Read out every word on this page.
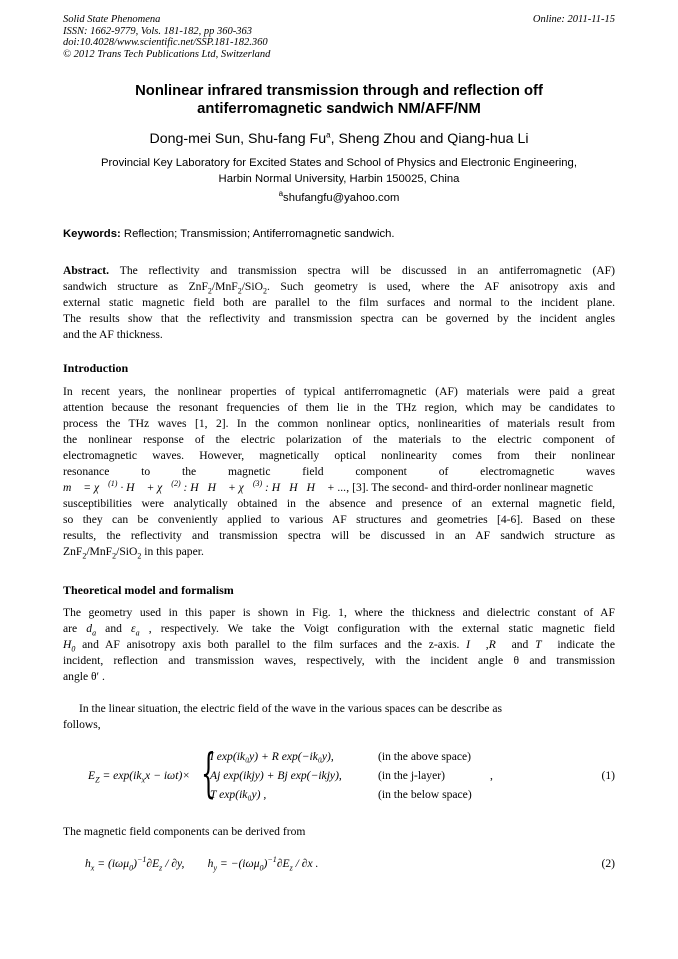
Solid State Phenomena
ISSN: 1662-9779, Vols. 181-182, pp 360-363
doi:10.4028/www.scientific.net/SSP.181-182.360
© 2012 Trans Tech Publications Ltd, Switzerland
Online: 2011-11-15
Nonlinear infrared transmission through and reflection off
antiferromagnetic sandwich NM/AFF/NM
Dong-mei Sun, Shu-fang Fu$^a$, Sheng Zhou and Qiang-hua Li
Provincial Key Laboratory for Excited States and School of Physics and Electronic Engineering,
Harbin Normal University, Harbin 150025, China
$^a$shufangfu@yahoo.com
Keywords: Reflection; Transmission; Antiferromagnetic sandwich.
Abstract. The reflectivity and transmission spectra will be discussed in an antiferromagnetic (AF)
sandwich structure as ZnF$_2$/MnF$_2$/SiO$_2$. Such geometry is used, where the AF anisotropy axis and
external static magnetic field both are parallel to the film surfaces and normal to the incident plane.
The results show that the reflectivity and transmission spectra can be governed by the incident angles
and the AF thickness.
Introduction
In recent years, the nonlinear properties of typical antiferromagnetic (AF) materials were paid a great
attention because the resonant frequencies of them lie in the THz region, which may be candidates to
process the THz waves [1, 2]. In the common nonlinear optics, nonlinearities of materials result from
the nonlinear response of the electric polarization of the materials to the electric component of
electromagnetic waves. However, magnetically optical nonlinearity comes from their nonlinear
resonance to the magnetic field component of electromagnetic waves
m⃗ = χ⃡$^{(1)}$ · H⃗ + χ⃡$^{(2)}$ : H⃗H⃗ + χ⃡$^{(3)}$ : H⃗H⃗H⃗ + ..., [3]. The second- and third-order nonlinear magnetic
susceptibilities were analytically obtained in the absence and presence of an external magnetic field,
so they can be conveniently applied to various AF structures and geometries [4-6]. Based on these
results, the reflectivity and transmission spectra will be discussed in an AF sandwich structure as
ZnF$_2$/MnF$_2$/SiO$_2$ in this paper.
Theoretical model and formalism
The geometry used in this paper is shown in Fig. 1, where the thickness and dielectric constant of AF
are $d_a$ and $\varepsilon_a$ , respectively. We take the Voigt configuration with the external static magnetic field
$H_0$ and AF anisotropy axis both parallel to the film surfaces and the z-axis. I⃗ ,R⃗ and T⃗ indicate the
incident, reflection and transmission waves, respectively, with the incident angle θ and transmission
angle θ′ .
In the linear situation, the electric field of the wave in the various spaces can be describe as
follows,
$E_Z = \exp(ik_xx - i\omega t)\times$ {
I exp(ik₀y) + R exp(−ik₀y),
Aj exp(ikjy) + Bj exp(−ikjy),
T exp(ik₀y) ,
(in the above space)
(in the j-layer)
(in the below space)
,	(1)
The magnetic field components can be derived from
$h_x = (i\omega\mu_0)^{-1}\partial E_z / \partial y$,        $h_y = -(i\omega\mu_0)^{-1}\partial E_z / \partial x$ .	(2)
